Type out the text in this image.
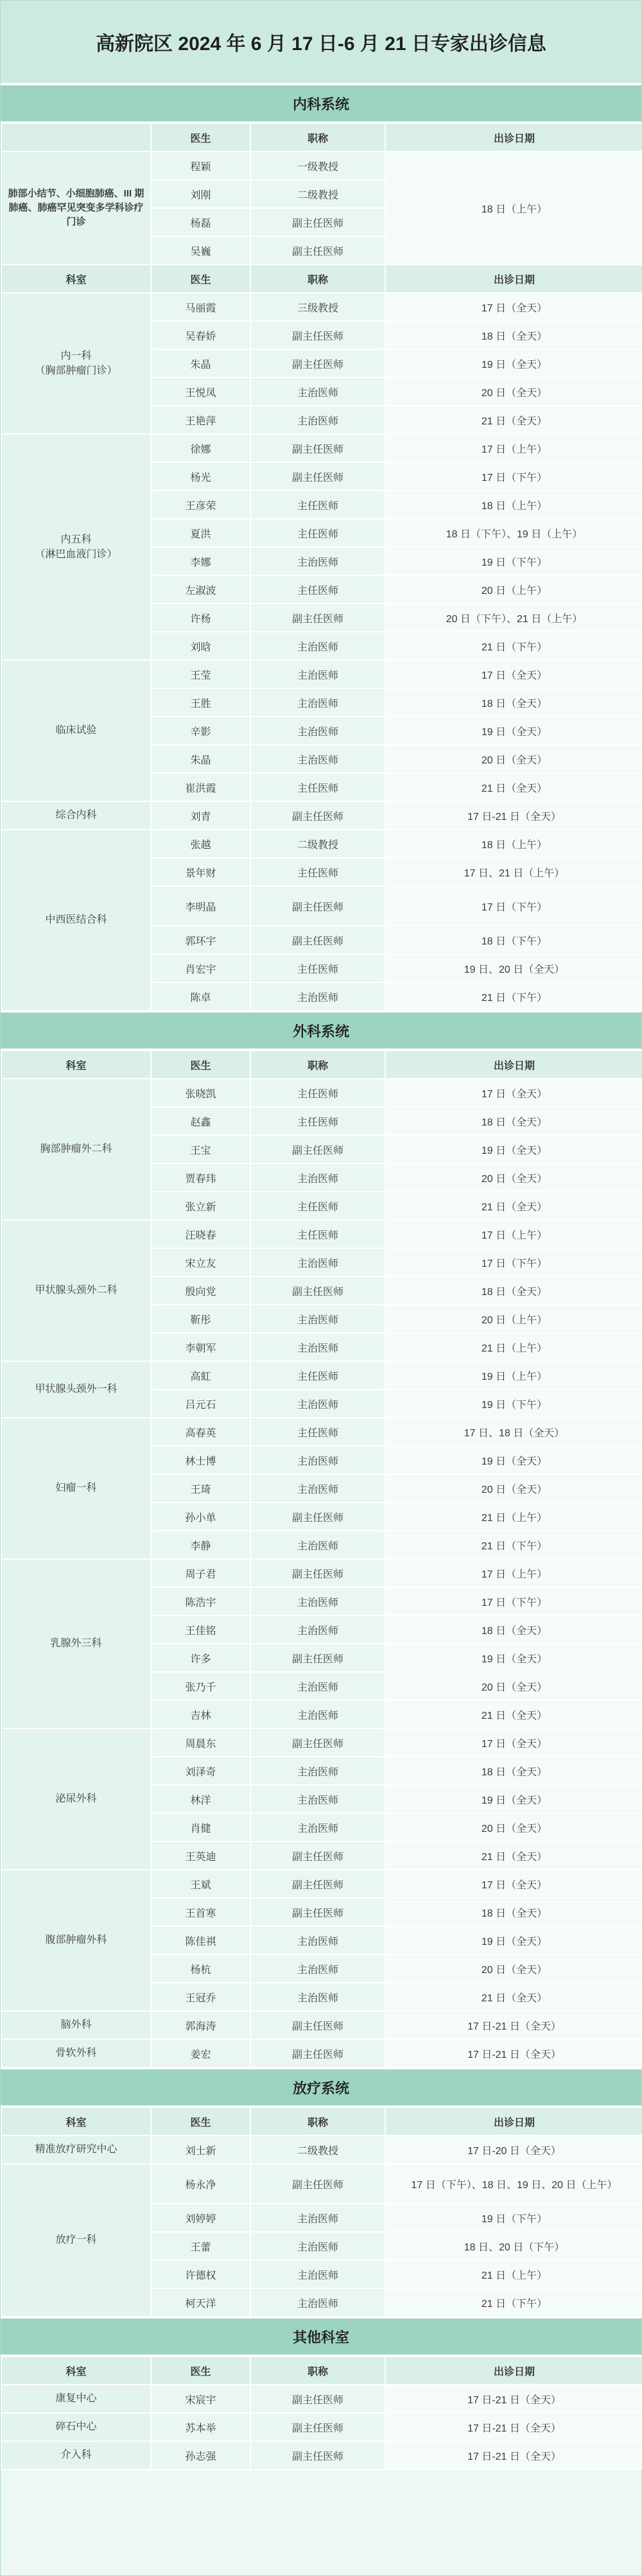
高新院区 2024 年 6 月 17 日-6 月 21 日专家出诊信息
内科系统
	医生	职称	出诊日期
肺部小结节、小细胞肺癌、III 期肺癌、肺癌罕见突变多学科诊疗门诊	程颖	一级教授	18 日（上午）
	刘刚	二级教授	
	杨磊	副主任医师	
	吴巍	副主任医师	
科室	医生	职称	出诊日期
内一科
（胸部肿瘤门诊）	马丽霞	三级教授	17 日（全天）
	吴春娇	副主任医师	18 日（全天）
	朱晶	副主任医师	19 日（全天）
	王悦凤	主治医师	20 日（全天）
	王艳萍	主治医师	21 日（全天）
内五科
（淋巴血液门诊）	徐娜	副主任医师	17 日（上午）
	杨光	副主任医师	17 日（下午）
	王彦荣	主任医师	18 日（上午）
	夏洪	主任医师	18 日（下午）、19 日（上午）
	李娜	主治医师	19 日（下午）
	左淑波	主任医师	20 日（上午）
	许杨	副主任医师	20 日（下午）、21 日（上午）
	刘晗	主治医师	21 日（下午）
临床试验	王莹	主治医师	17 日（全天）
	王胜	主治医师	18 日（全天）
	辛影	主治医师	19 日（全天）
	朱晶	主治医师	20 日（全天）
	崔洪霞	主任医师	21 日（全天）
综合内科	刘青	副主任医师	17 日-21 日（全天）
中西医结合科	张越	二级教授	18 日（上午）
	景年财	主任医师	17 日、21 日（上午）
	李明晶	副主任医师	17 日（下午）
	郭环宇	副主任医师	18 日（下午）
	肖宏宇	主任医师	19 日、20 日（全天）
	陈卓	主治医师	21 日（下午）
外科系统
科室	医生	职称	出诊日期
胸部肿瘤外二科	张晓凯	主任医师	17 日（全天）
	赵鑫	主任医师	18 日（全天）
	王宝	副主任医师	19 日（全天）
	贾春玮	主治医师	20 日（全天）
	张立新	主任医师	21 日（全天）
甲状腺头颈外二科	汪晓春	主任医师	17 日（上午）
	宋立友	主治医师	17 日（下午）
	殷向党	副主任医师	18 日（全天）
	靳彤	主治医师	20 日（上午）
	李朝军	主治医师	21 日（上午）
甲状腺头颈外一科	高虹	主任医师	19 日（上午）
	吕元石	主治医师	19 日（下午）
妇瘤一科	高春英	主任医师	17 日、18 日（全天）
	林士博	主治医师	19 日（全天）
	王琦	主治医师	20 日（全天）
	孙小单	副主任医师	21 日（上午）
	李静	主治医师	21 日（下午）
乳腺外三科	周子君	副主任医师	17 日（上午）
	陈浩宇	主治医师	17 日（下午）
	王佳铭	主治医师	18 日（全天）
	许多	副主任医师	19 日（全天）
	张乃千	主治医师	20 日（全天）
	吉林	主治医师	21 日（全天）
泌尿外科	周晨东	副主任医师	17 日（全天）
	刘泽奇	主治医师	18 日（全天）
	林洋	主治医师	19 日（全天）
	肖健	主治医师	20 日（全天）
	王英迪	副主任医师	21 日（全天）
腹部肿瘤外科	王斌	副主任医师	17 日（全天）
	王首寒	副主任医师	18 日（全天）
	陈佳祺	主治医师	19 日（全天）
	杨杭	主治医师	20 日（全天）
	王冠乔	主治医师	21 日（全天）
脑外科	郭海涛	副主任医师	17 日-21 日（全天）
骨软外科	姜宏	副主任医师	17 日-21 日（全天）
放疗系统
科室	医生	职称	出诊日期
精准放疗研究中心	刘士新	二级教授	17 日-20 日（全天）
放疗一科	杨永净	副主任医师	17 日（下午）、18 日、19 日、20 日（上午）
	刘婷婷	主治医师	19 日（下午）
	王蕾	主治医师	18 日、20 日（下午）
	许德权	主治医师	21 日（上午）
	柯天洋	主治医师	21 日（下午）
其他科室
科室	医生	职称	出诊日期
康复中心	宋宸宇	副主任医师	17 日-21 日（全天）
碎石中心	苏本举	副主任医师	17 日-21 日（全天）
介入科	孙志强	副主任医师	17 日-21 日（全天）
